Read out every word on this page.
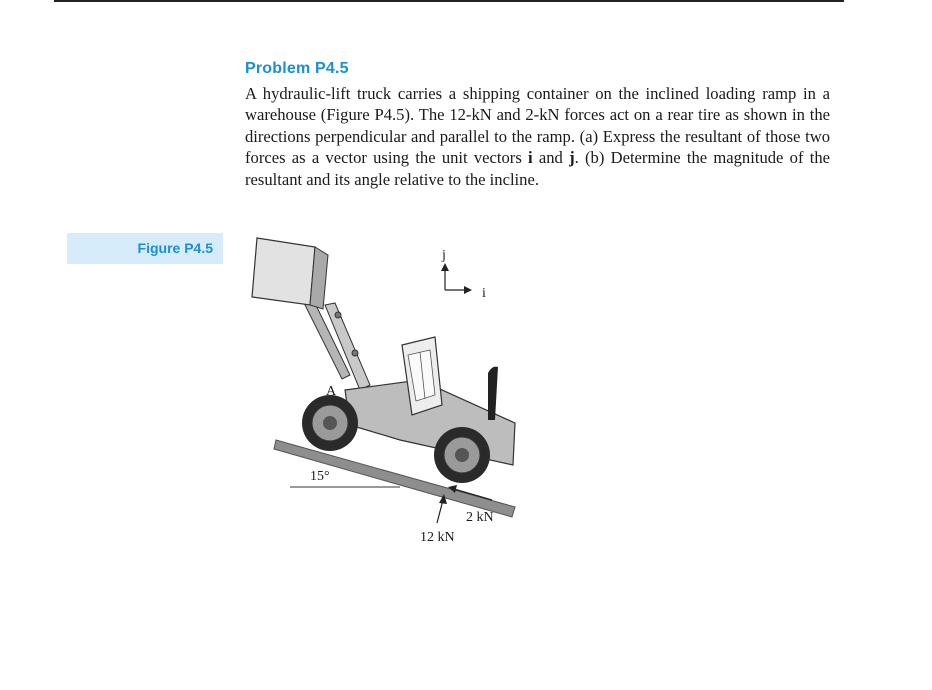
Problem P4.5

A hydraulic-lift truck carries a shipping container on the inclined loading ramp in a warehouse (Figure P4.5). The 12-kN and 2-kN forces act on a rear tire as shown in the directions perpendicular and parallel to the ramp. (a) Express the resultant of those two forces as a vector using the unit vectors i and j. (b) Determine the magnitude of the resultant and its angle relative to the incline.

Figure P4.5
A
j
i
15°
2 kN
12 kN
